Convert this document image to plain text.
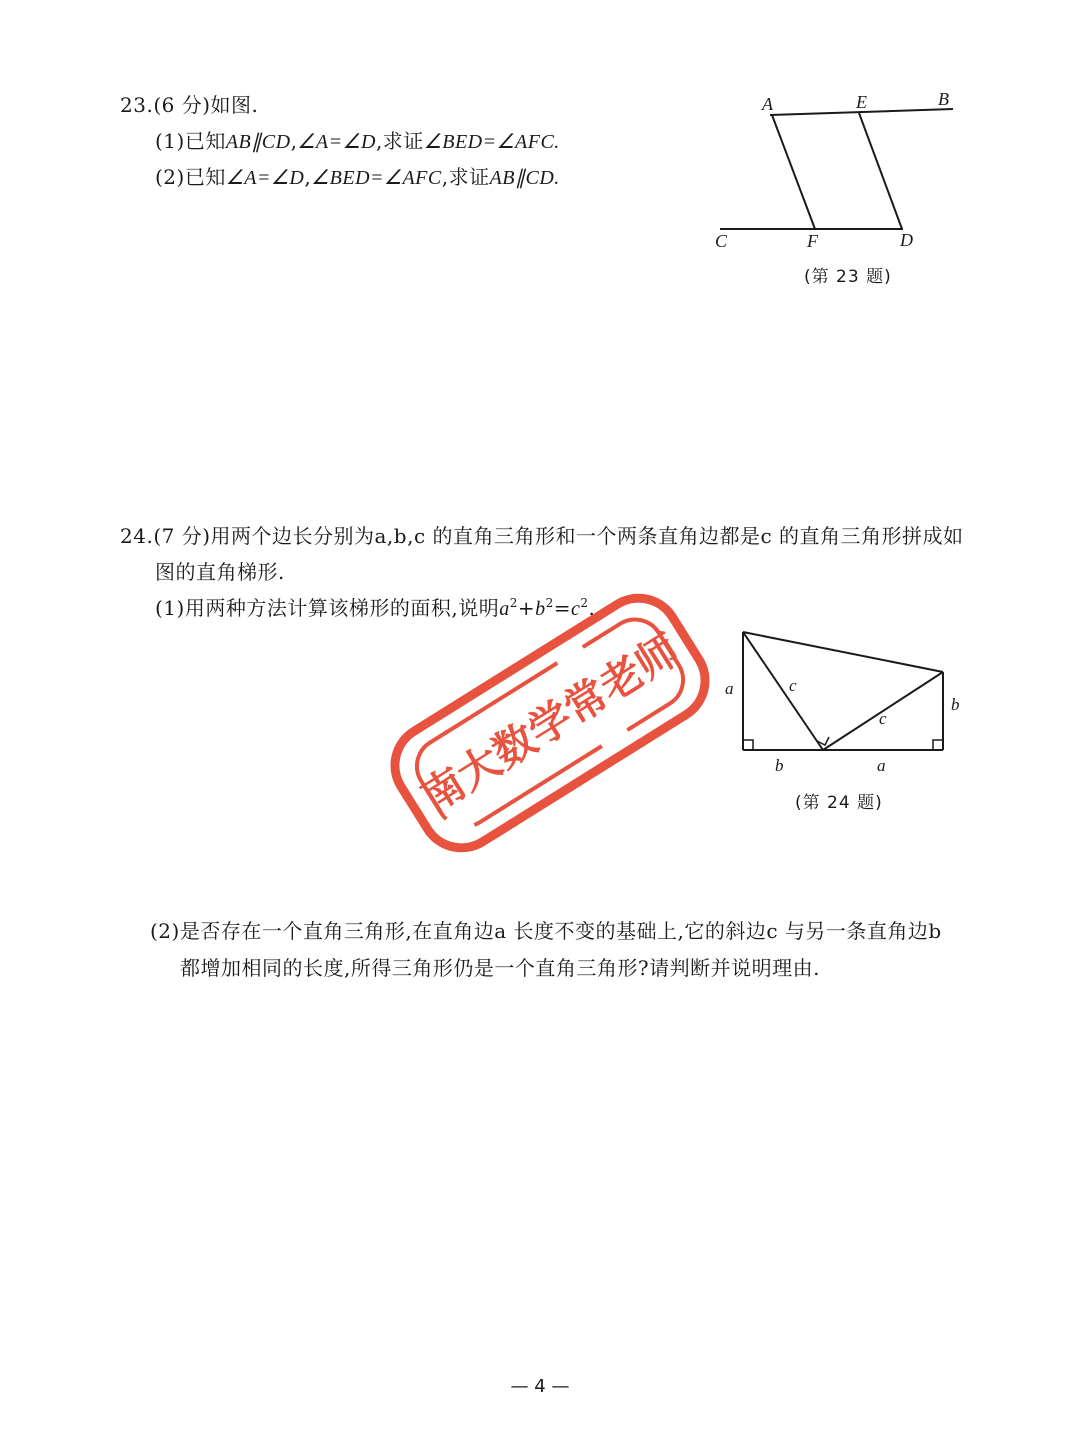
23.(6 分)如图.
(1)已知AB∥CD,∠A=∠D,求证∠BED=∠AFC.
(2)已知∠A=∠D,∠BED=∠AFC,求证AB∥CD.
A	E	B
C	F	D
(第 23 题)
24.(7 分)用两个边长分别为a,b,c 的直角三角形和一个两条直角边都是c 的直角三角形拼成如
图的直角梯形.
(1)用两种方法计算该梯形的面积,说明$a^2+b^2=c^2$.
a	c
c
b
b	a
(第 24 题)
南大数学常老师
(2)是否存在一个直角三角形,在直角边a 长度不变的基础上,它的斜边c 与另一条直角边b
都增加相同的长度,所得三角形仍是一个直角三角形?请判断并说明理由.
— 4 —
